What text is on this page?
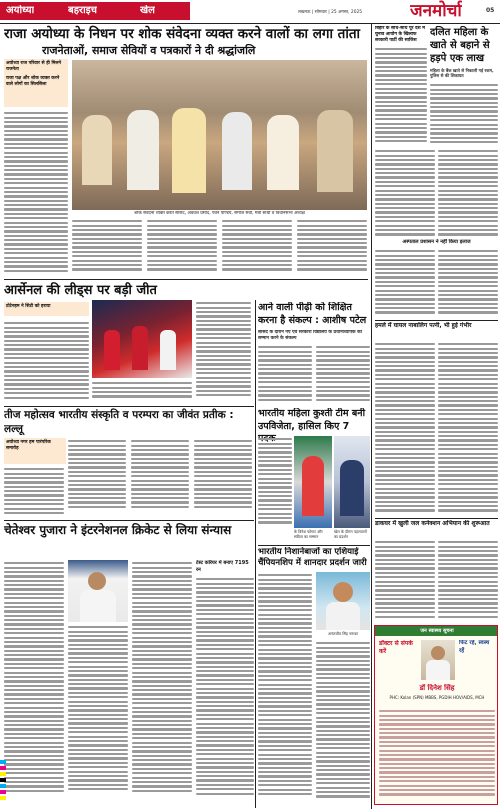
अयोध्या	बहराइच	खेल	लखनऊ | सोमवार | 25 अगस्त, 2025	जनमोर्चा	05
राजा अयोध्या के निधन पर शोक संवेदना व्यक्त करने वालों का लगा तांता
राजनेताओं, समाज सेवियों व पत्रकारों ने दी श्रद्धांजलि
अयोध्या राज परिवार से ही मिलने राजनेता
राजा पक्ष और शोक व्यक्त करने वाले लोगों का सिलसिला
शोक संवेदना व्यक्त करते सांसद, अवधेश प्रसाद, पवन पाण्डेय, समाज सेवी, मंत्री साधी व विधानसभा अध्यक्ष
आर्सेनल की लीड्स पर बड़ी जीत
टोटेनहम ने सिटी को हराया	आने वाली पीढ़ी को शिक्षित करना है संकल्प : आशीष पटेल
सांसद के दौरान नए एवं सरकारी विद्यालय के प्रधानाध्यापक का सम्मान करने के संकल्प
तीज महोत्सव भारतीय संस्कृति व परम्परा का जीवंत प्रतीक : लल्लू
अयोध्या नगर हम पारंपरिक समारोह
चेतेश्वर पुजारा ने इंटरनेशनल क्रिकेट से लिया संन्यास
टेस्ट करियर में बनाए 7195 रन
भारतीय महिला कुश्ती टीम बनी उपविजेता, हासिल किए 7
के विनेश फोगाट और सविता का सम्मान
खेल के दौरान पहलवानों का प्रदर्शन
भारतीय निशानेबाजों का एशियाई चैंपियनशिप में शानदार प्रदर्शन जारी
अनंतजीत सिंह नरूका
बिहार के साथ-साथ पूरे देश में चुनाव आयोग के खिलाफ सरकारी पार्टी की साजिश
दलित महिला के खाते से बहाने से हड़पे एक लाख
महिला के बैंक खाते से निकाली गई रकम, पुलिस से की शिकायत
अस्पताल प्रशासन ने नहीं किया इलाज
हमले में घायल नाबालिग पत्नी, भी हुई गंभीर
डाकघर में खुली जल कनेक्शन अभियान की शुरूआत
जन स्वास्थ्य सूचना
डॉक्टर से संपर्क करें
फिट रहें, स्वस्थ रहें
डॉ दिनेश सिंह
PHC: Kolan (SPN) MBBS, PGDIH HOV/AIDS, MCH
